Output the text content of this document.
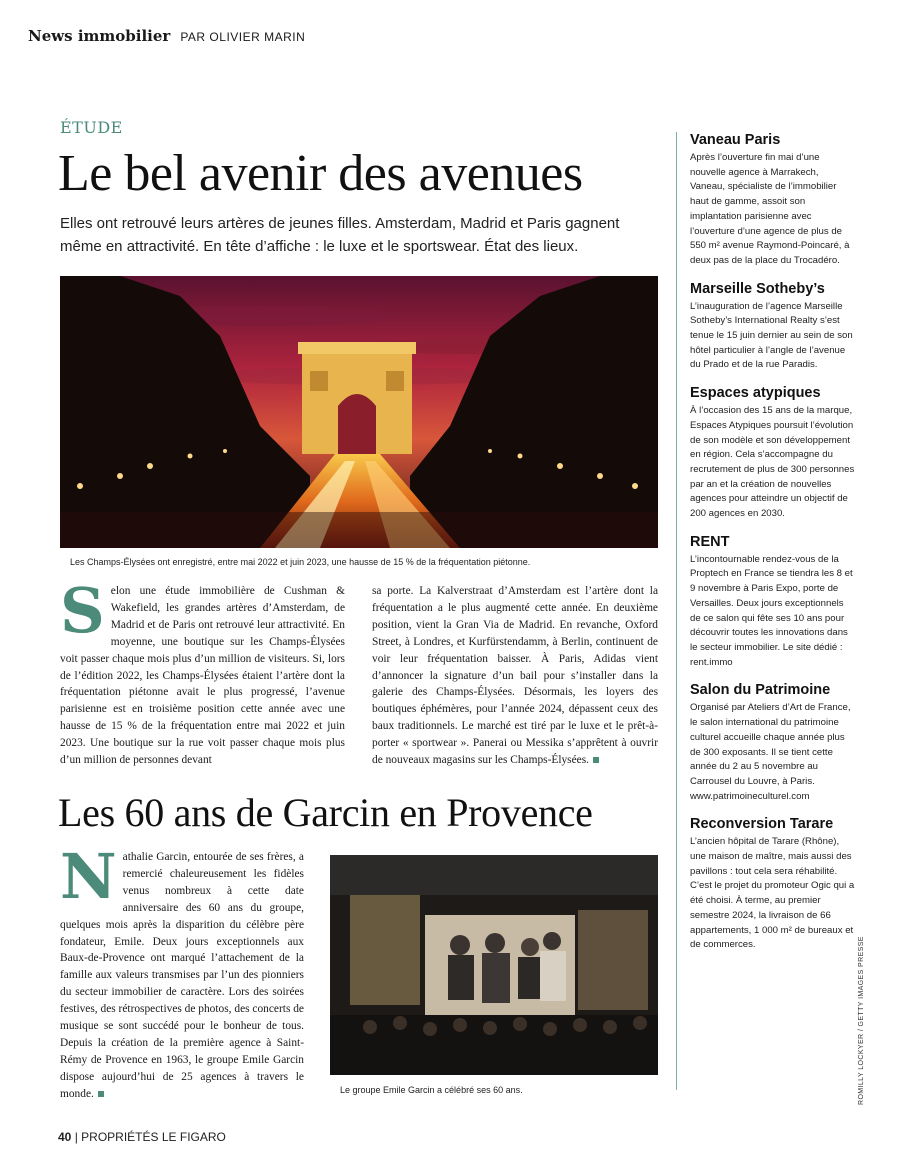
News immobilier PAR OLIVIER MARIN
ÉTUDE
Le bel avenir des avenues
Elles ont retrouvé leurs artères de jeunes filles. Amsterdam, Madrid et Paris gagnent même en attractivité. En tête d’affiche : le luxe et le sportswear. État des lieux.
Les Champs-Élysées ont enregistré, entre mai 2022 et juin 2023, une hausse de 15 % de la fréquentation piétonne.
Selon une étude immobilière de Cushman & Wakefield, les grandes artères d’Amsterdam, de Madrid et de Paris ont retrouvé leur attractivité. En moyenne, une boutique sur les Champs-Élysées voit passer chaque mois plus d’un million de visiteurs. Si, lors de l’édition 2022, les Champs-Élysées étaient l’artère dont la fréquentation piétonne avait le plus progressé, l’avenue parisienne est en troisième position cette année avec une hausse de 15 % de la fréquentation entre mai 2022 et juin 2023. Une boutique sur la rue voit passer chaque mois plus d’un million de personnes devant
sa porte. La Kalverstraat d’Amsterdam est l’artère dont la fréquentation a le plus augmenté cette année. En deuxième position, vient la Gran Via de Madrid. En revanche, Oxford Street, à Londres, et Kurfürstendamm, à Berlin, continuent de voir leur fréquentation baisser. À Paris, Adidas vient d’annoncer la signature d’un bail pour s’installer dans la galerie des Champs-Élysées. Désormais, les loyers des boutiques éphémères, pour l’année 2024, dépassent ceux des baux traditionnels. Le marché est tiré par le luxe et le prêt-à-porter « sportwear ». Panerai ou Messika s’apprêtent à ouvrir de nouveaux magasins sur les Champs-Élysées.
Les 60 ans de Garcin en Provence
Nathalie Garcin, entourée de ses frères, a remercié chaleureusement les fidèles venus nombreux à cette date anniversaire des 60 ans du groupe, quelques mois après la disparition du célèbre père fondateur, Emile. Deux jours exceptionnels aux Baux-de-Provence ont marqué l’attachement de la famille aux valeurs transmises par l’un des pionniers du secteur immobilier de caractère. Lors des soirées festives, des rétrospectives de photos, des concerts de musique se sont succédé pour le bonheur de tous. Depuis la création de la première agence à Saint-Rémy de Provence en 1963, le groupe Emile Garcin dispose aujourd’hui de 25 agences à travers le monde.	Le groupe Emile Garcin a célébré ses 60 ans.
Vaneau Paris
Après l’ouverture fin mai d’une nouvelle agence à Marrakech, Vaneau, spécialiste de l’immobilier haut de gamme, assoit son implantation parisienne avec l’ouverture d’une agence de plus de 550 m² avenue Raymond-Poincaré, à deux pas de la place du Trocadéro.
Marseille Sotheby’s
L’inauguration de l’agence Marseille Sotheby’s International Realty s’est tenue le 15 juin dernier au sein de son hôtel particulier à l’angle de l’avenue du Prado et de la rue Paradis.
Espaces atypiques
À l’occasion des 15 ans de la marque, Espaces Atypiques poursuit l’évolution de son modèle et son développement en région. Cela s’accompagne du recrutement de plus de 300 personnes par an et la création de nouvelles agences pour atteindre un objectif de 200 agences en 2030.
RENT
L’incontournable rendez-vous de la Proptech en France se tiendra les 8 et 9 novembre à Paris Expo, porte de Versailles. Deux jours exceptionnels de ce salon qui fête ses 10 ans pour découvrir toutes les innovations dans le secteur immobilier. Le site dédié : rent.immo
Salon du Patrimoine
Organisé par Ateliers d’Art de France, le salon international du patrimoine culturel accueille chaque année plus de 300 exposants. Il se tient cette année du 2 au 5 novembre au Carrousel du Louvre, à Paris. www.patrimoineculturel.com
Reconversion Tarare
L’ancien hôpital de Tarare (Rhône), une maison de maître, mais aussi des pavillons : tout cela sera réhabilité. C’est le projet du promoteur Ogic qui a été choisi. À terme, au premier semestre 2024, la livraison de 66 appartements, 1 000 m² de bureaux et de commerces.	ROMILLY LOCKYER / GETTY IMAGES PRESSE
40 | PROPRIÉTÉS LE FIGARO
